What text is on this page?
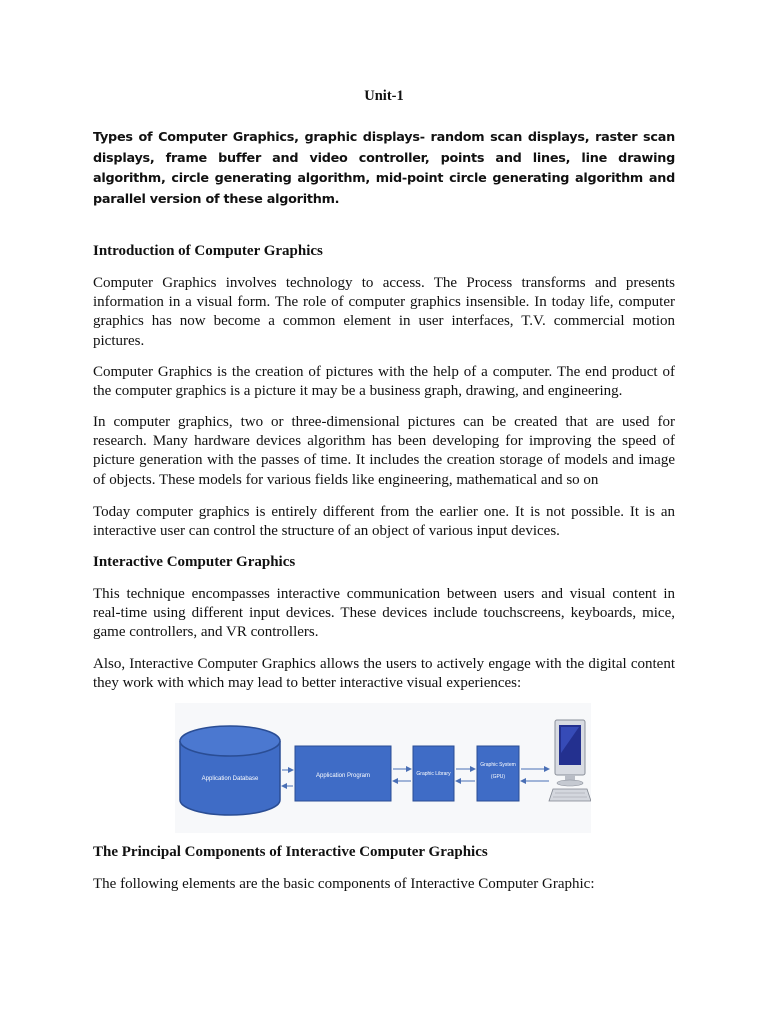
Unit-1
Types of Computer Graphics, graphic displays- random scan displays, raster scan displays, frame buffer and video controller, points and lines, line drawing algorithm, circle generating algorithm, mid-point circle generating algorithm and parallel version of these algorithm.
Introduction of Computer Graphics
Computer Graphics involves technology to access. The Process transforms and presents information in a visual form. The role of computer graphics insensible. In today life, computer graphics has now become a common element in user interfaces, T.V. commercial motion pictures.
Computer Graphics is the creation of pictures with the help of a computer. The end product of the computer graphics is a picture it may be a business graph, drawing, and engineering.
In computer graphics, two or three-dimensional pictures can be created that are used for research. Many hardware devices algorithm has been developing for improving the speed of picture generation with the passes of time. It includes the creation storage of models and image of objects. These models for various fields like engineering, mathematical and so on
Today computer graphics is entirely different from the earlier one. It is not possible. It is an interactive user can control the structure of an object of various input devices.
Interactive Computer Graphics
This technique encompasses interactive communication between users and visual content in real-time using different input devices. These devices include touchscreens, keyboards, mice, game controllers, and VR controllers.
Also, Interactive Computer Graphics allows the users to actively engage with the digital content they work with which may lead to better interactive visual experiences:
Application Database	Application Program	Graphic Library
Graphic System
(GPU)
The Principal Components of Interactive Computer Graphics
The following elements are the basic components of Interactive Computer Graphic:
